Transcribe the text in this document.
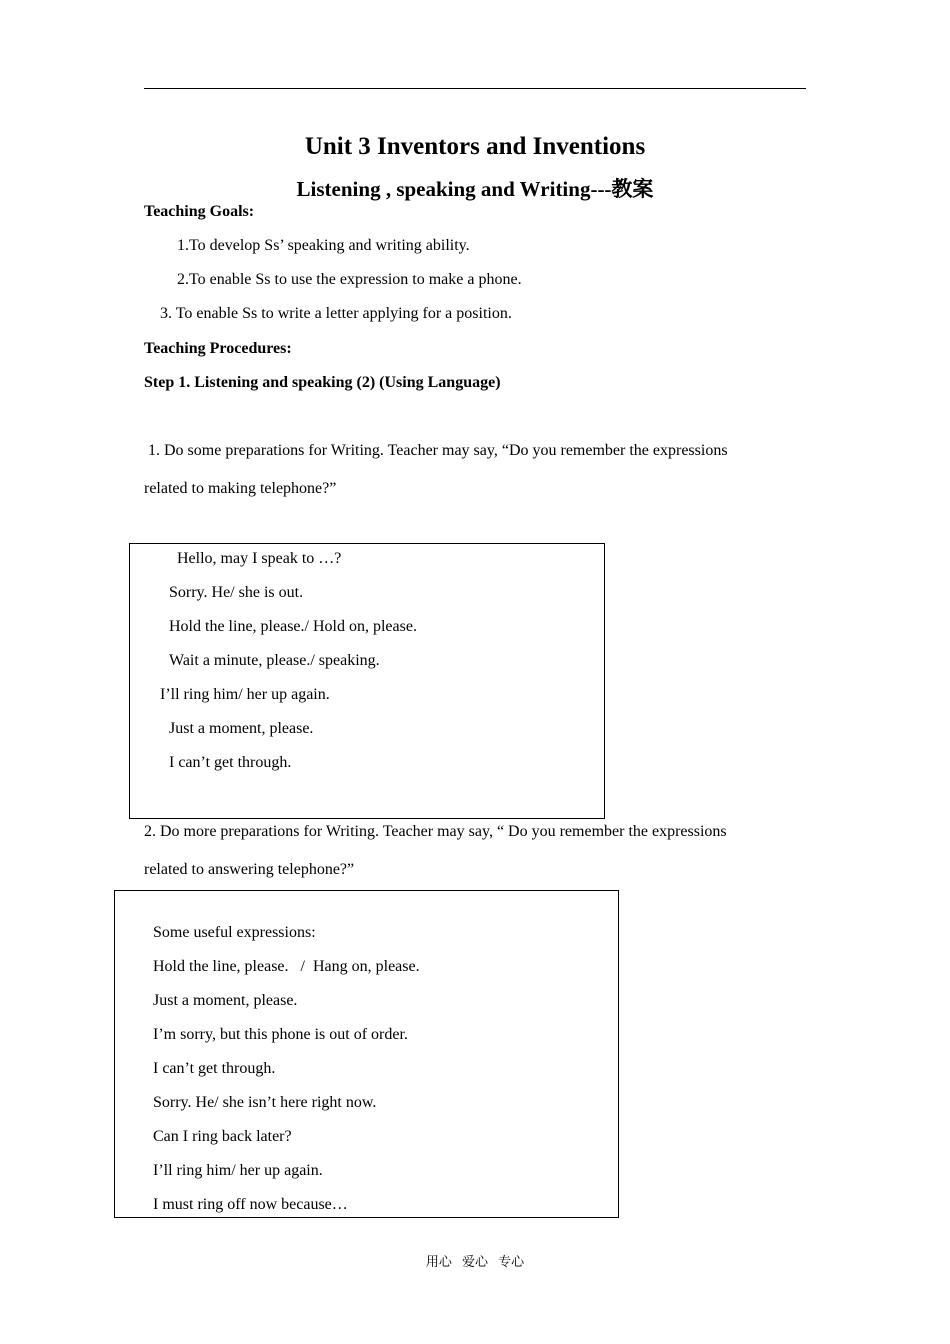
Unit 3 Inventors and Inventions
Listening , speaking and Writing---教案
Teaching Goals:
1.To develop Ss’ speaking and writing ability.
2.To enable Ss to use the expression to make a phone.
3. To enable Ss to write a letter applying for a position.
Teaching Procedures:
Step 1. Listening and speaking (2) (Using Language)
1. Do some preparations for Writing. Teacher may say, “Do you remember the expressions
related to making telephone?”
Hello, may I speak to …?
Sorry. He/ she is out.
Hold the line, please./ Hold on, please.
Wait a minute, please./ speaking.
I’ll ring him/ her up again.
Just a moment, please.
I can’t get through.
2. Do more preparations for Writing. Teacher may say, “ Do you remember the expressions
related to answering telephone?”
Some useful expressions:
Hold the line, please.   /  Hang on, please.
Just a moment, please.
I’m sorry, but this phone is out of order.
I can’t get through.
Sorry. He/ she isn’t here right now.
Can I ring back later?
I’ll ring him/ her up again.
I must ring off now because…
用心 爱心 专心
